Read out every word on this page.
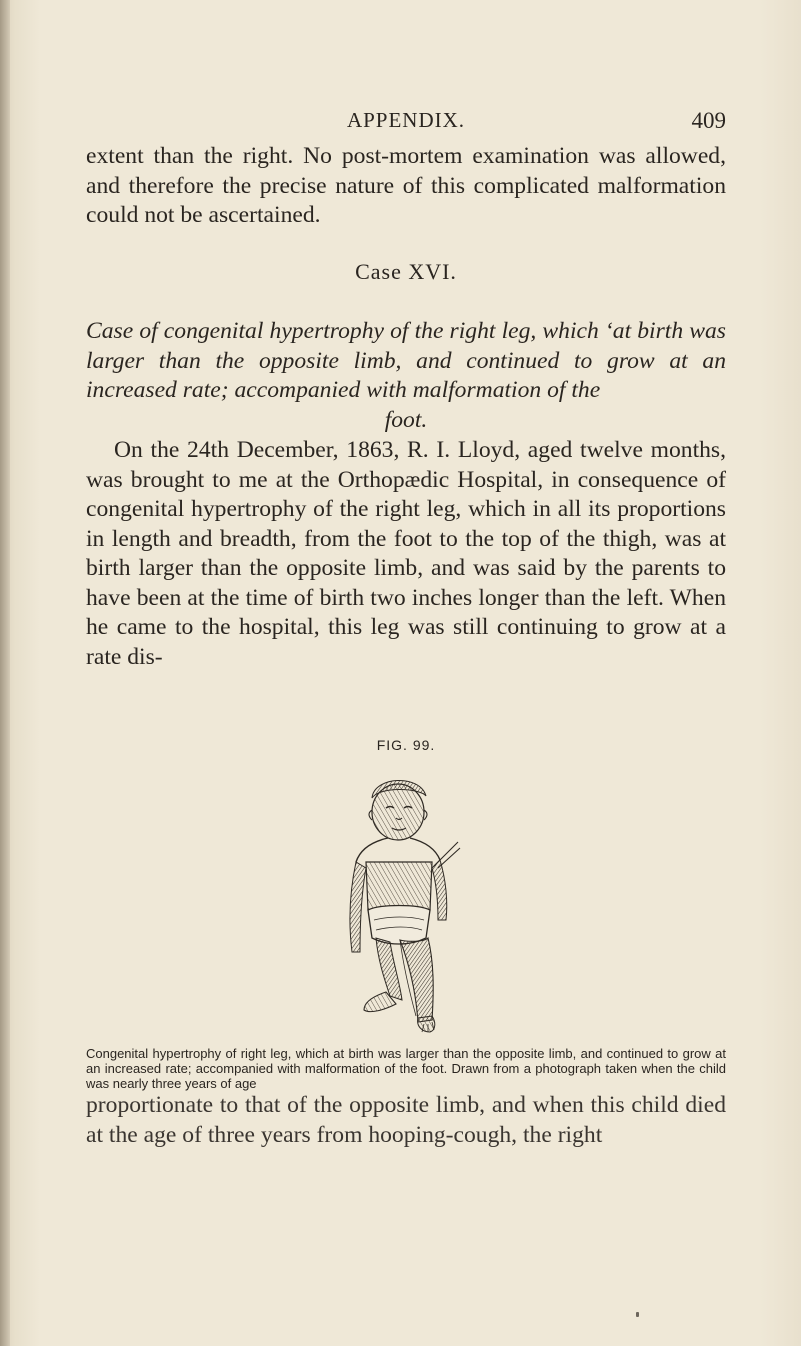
APPENDIX.	409

extent than the right. No post-mortem examination was allowed, and therefore the precise nature of this complicated malformation could not be ascertained.

Case XVI.

Case of congenital hypertrophy of the right leg, which ‘at birth was larger than the opposite limb, and continued to grow at an increased rate; accompanied with malformation of the
foot.

On the 24th December, 1863, R. I. Lloyd, aged twelve months, was brought to me at the Orthopædic Hospital, in consequence of congenital hypertrophy of the right leg, which in all its proportions in length and breadth, from the foot to the top of the thigh, was at birth larger than the opposite limb, and was said by the parents to have been at the time of birth two inches longer than the left. When he came to the hospital, this leg was still continuing to grow at a rate dis-

FIG. 99.

Congenital hypertrophy of right leg, which at birth was larger than the opposite limb, and continued to grow at an increased rate; accompanied with malformation of the foot. Drawn from a photograph taken when the child was nearly three years of age

proportionate to that of the opposite limb, and when this child died at the age of three years from hooping-cough, the right
